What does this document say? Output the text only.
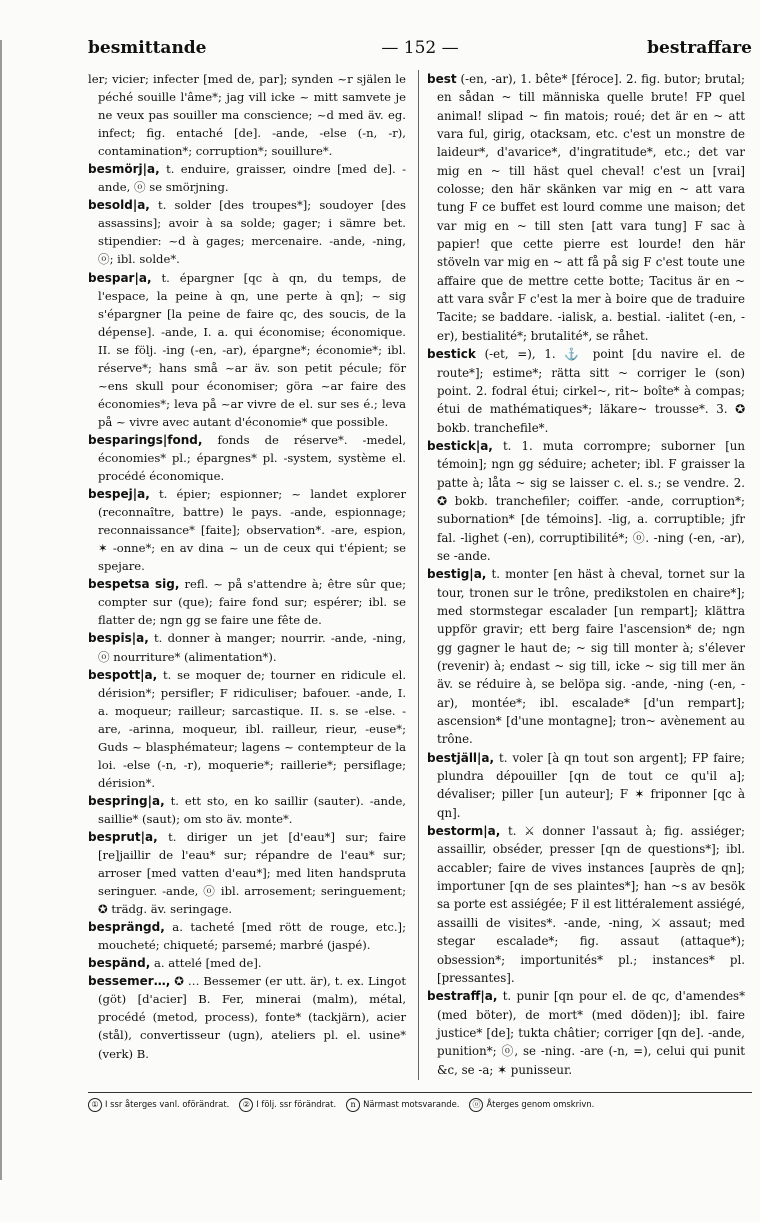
besmittande	— 152 —	bestraffare

ler; vicier; infecter [med de, par]; synden ~r själen le péché souille l'âme*; jag vill icke ~ mitt samvete je ne veux pas souiller ma conscience; ~d med äv. eg. infect; fig. entaché [de]. -ande, -else (-n, -r), contamination*; corruption*; souillure*.

besmörj|a, t. enduire, graisser, oindre [med de]. -ande, ⓞ se smörjning.

besold|a, t. solder [des troupes*]; soudoyer [des assassins]; avoir à sa solde; gager; i sämre bet. stipendier: ~d à gages; mercenaire. -ande, -ning, ⓞ; ibl. solde*.

bespar|a, t. épargner [qc à qn, du temps, de l'espace, la peine à qn, une perte à qn]; ~ sig s'épargner [la peine de faire qc, des soucis, de la dépense]. -ande, I. a. qui économise; économique. II. se följ. -ing (-en, -ar), épargne*; économie*; ibl. réserve*; hans små ~ar äv. son petit pécule; för ~ens skull pour économiser; göra ~ar faire des économies*; leva på ~ar vivre de el. sur ses é.; leva på ~ vivre avec autant d'économie* que possible.

besparings|fond, fonds de réserve*. -medel, économies* pl.; épargnes* pl. -system, système el. procédé économique.

bespej|a, t. épier; espionner; ~ landet explorer (reconnaître, battre) le pays. -ande, espionnage; reconnaissance* [faite]; observation*. -are, espion, ✶ -onne*; en av dina ~ un de ceux qui t'épient; se spejare.

bespetsa sig, refl. ~ på s'attendre à; être sûr que; compter sur (que); faire fond sur; espérer; ibl. se flatter de; ngn gg se faire une fête de.

bespis|a, t. donner à manger; nourrir. -ande, -ning, ⓞ nourriture* (alimentation*).

bespott|a, t. se moquer de; tourner en ridicule el. dérision*; persifler; F ridiculiser; bafouer. -ande, I. a. moqueur; railleur; sarcastique. II. s. se -else. -are, -arinna, moqueur, ibl. railleur, rieur, -euse*; Guds ~ blasphémateur; lagens ~ contempteur de la loi. -else (-n, -r), moquerie*; raillerie*; persiflage; dérision*.

bespring|a, t. ett sto, en ko saillir (sauter). -ande, saillie* (saut); om sto äv. monte*.

besprut|a, t. diriger un jet [d'eau*] sur; faire [re]jaillir de l'eau* sur; répandre de l'eau* sur; arroser [med vatten d'eau*]; med liten handspruta seringuer. -ande, ⓞ ibl. arrosement; seringuement; ✪ trädg. äv. seringage.

besprängd, a. tacheté [med rött de rouge, etc.]; moucheté; chiqueté; parsemé; marbré (jaspé).

bespänd, a. attelé [med de].

bessemer…, ✪ … Bessemer (er utt. är), t. ex. Lingot (göt) [d'acier] B. Fer, minerai (malm), métal, procédé (metod, process), fonte* (tackjärn), acier (stål), convertisseur (ugn), ateliers pl. el. usine* (verk) B.

best (-en, -ar), 1. bête* [féroce]. 2. fig. butor; brutal; en sådan ~ till människa quelle brute! FP quel animal! slipad ~ fin matois; roué; det är en ~ att vara ful, girig, otacksam, etc. c'est un monstre de laideur*, d'avarice*, d'ingratitude*, etc.; det var mig en ~ till häst quel cheval! c'est un [vrai] colosse; den här skänken var mig en ~ att vara tung F ce buffet est lourd comme une maison; det var mig en ~ till sten [att vara tung] F sac à papier! que cette pierre est lourde! den här stöveln var mig en ~ att få på sig F c'est toute une affaire que de mettre cette botte; Tacitus är en ~ att vara svår F c'est la mer à boire que de traduire Tacite; se baddare. -ialisk, a. bestial. -ialitet (-en, -er), bestialité*; brutalité*, se råhet.

bestick (-et, =), 1. ⚓ point [du navire el. de route*]; estime*; rätta sitt ~ corriger le (son) point. 2. fodral étui; cirkel~, rit~ boîte* à compas; étui de mathématiques*; läkare~ trousse*. 3. ✪ bokb. tranchefile*.

bestick|a, t. 1. muta corrompre; suborner [un témoin]; ngn gg séduire; acheter; ibl. F graisser la patte à; låta ~ sig se laisser c. el. s.; se vendre. 2. ✪ bokb. tranchefiler; coiffer. -ande, corruption*; subornation* [de témoins]. -lig, a. corruptible; jfr fal. -lighet (-en), corruptibilité*; ⓞ. -ning (-en, -ar), se -ande.

bestig|a, t. monter [en häst à cheval, tornet sur la tour, tronen sur le trône, predikstolen en chaire*]; med stormstegar escalader [un rempart]; klättra uppför gravir; ett berg faire l'ascension* de; ngn gg gagner le haut de; ~ sig till monter à; s'élever (revenir) à; endast ~ sig till, icke ~ sig till mer än äv. se réduire à, se belöpa sig. -ande, -ning (-en, -ar), montée*; ibl. escalade* [d'un rempart]; ascension* [d'une montagne]; tron~ avènement au trône.

bestjäll|a, t. voler [à qn tout son argent]; FP faire; plundra dépouiller [qn de tout ce qu'il a]; dévaliser; piller [un auteur]; F ✶ friponner [qc à qn].

bestorm|a, t. ⚔ donner l'assaut à; fig. assiéger; assaillir, obséder, presser [qn de questions*]; ibl. accabler; faire de vives instances [auprès de qn]; importuner [qn de ses plaintes*]; han ~s av besök sa porte est assiégée; F il est littéralement assiégé, assailli de visites*. -ande, -ning, ⚔ assaut; med stegar escalade*; fig. assaut (attaque*); obsession*; importunités* pl.; instances* pl. [pressantes].

bestraff|a, t. punir [qn pour el. de qc, d'amendes* (med böter), de mort* (med döden)]; ibl. faire justice* [de]; tukta châtier; corriger [qn de]. -ande, punition*; ⓞ, se -ning. -are (-n, =), celui qui punit &c, se -a; ✶ punisseur.

① I ssr återges vanl. oförändrat. ② I följ. ssr förändrat. n Närmast motsvarande. ⓞ Återges genom omskrivn.
